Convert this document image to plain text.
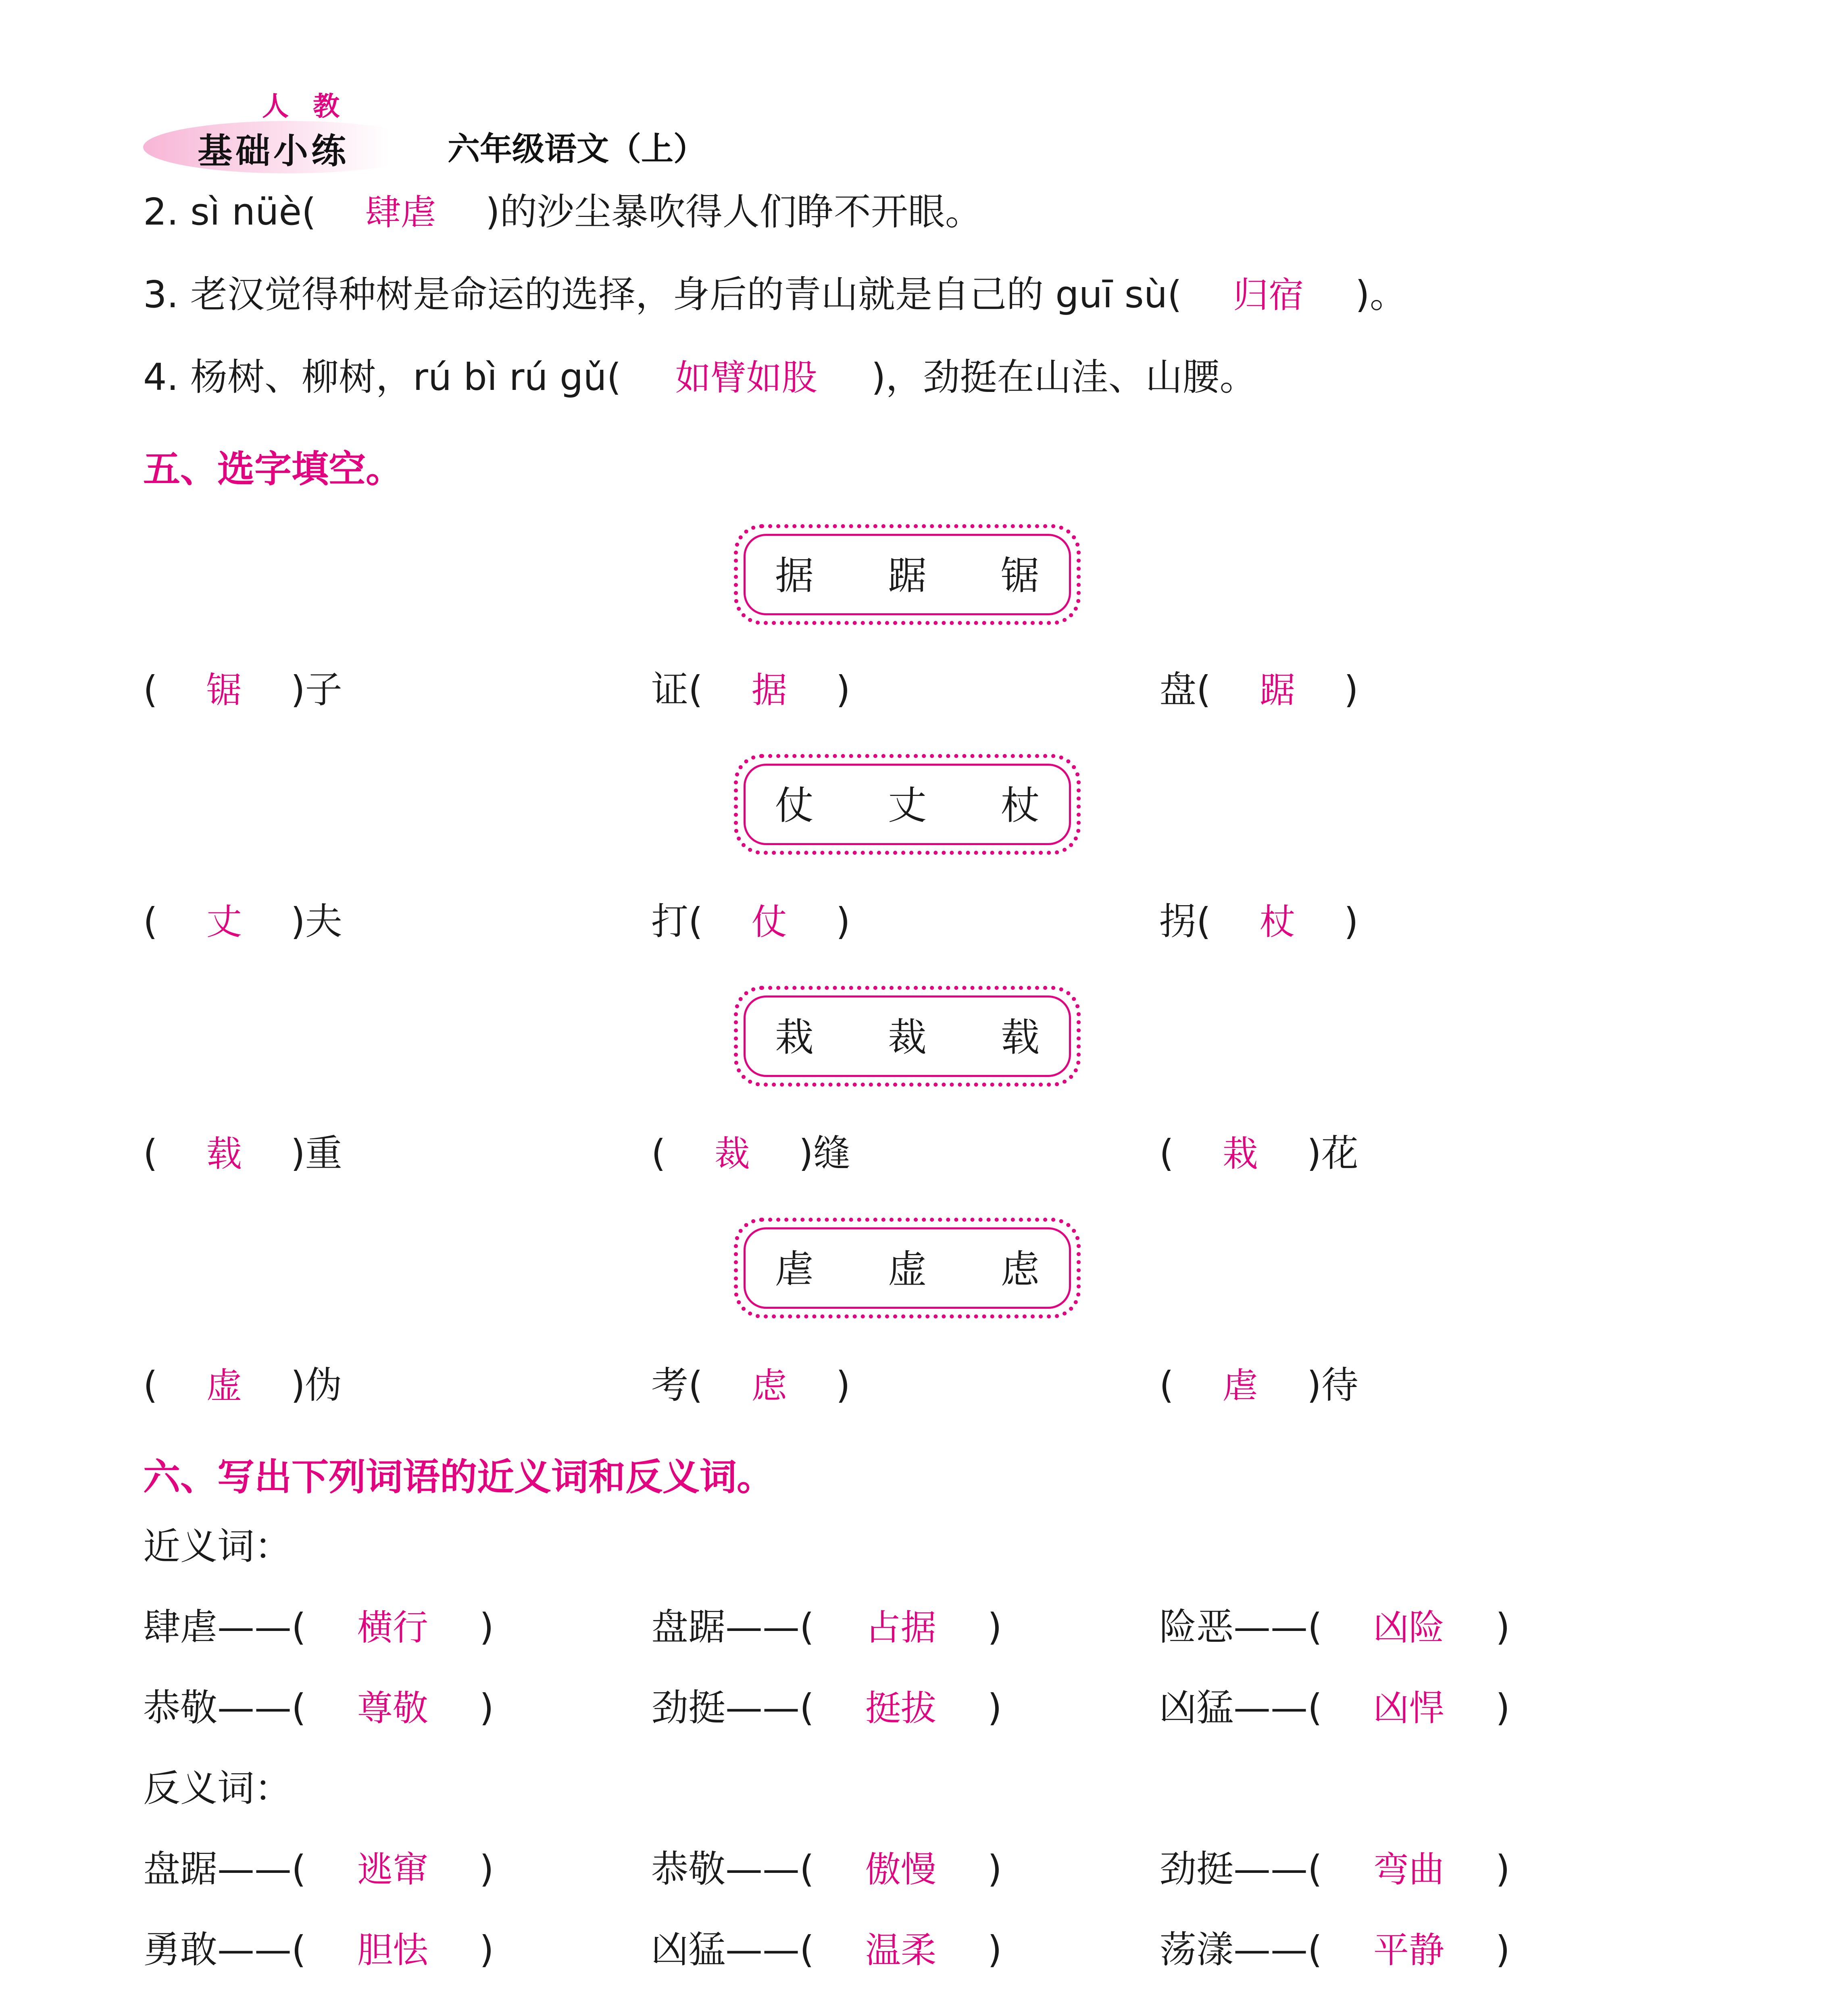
人教
基础小练	六年级语文（上）
2. sì nüè( 肆虐 )的沙尘暴吹得人们睁不开眼。
3. 老汉觉得种树是命运的选择，身后的青山就是自己的 guī sù( 归宿 )。
4. 杨树、柳树，rú bì rú gǔ( 如臂如股 )，劲挺在山洼、山腰。
五、选字填空。
据 踞 锯
( 锯 )子	证( 据 )	盘( 踞 )
仗 丈 杖
( 丈 )夫	打( 仗 )	拐( 杖 )
栽 裁 载
( 载 )重	( 裁 )缝	( 栽 )花
虐 虚 虑
( 虚 )伪	考( 虑 )	( 虐 )待
六、写出下列词语的近义词和反义词。
近义词：
肆虐——( 横行 )	盘踞——( 占据 )	险恶——( 凶险 )
恭敬——( 尊敬 )	劲挺——( 挺拔 )	凶猛——( 凶悍 )
反义词：
盘踞——( 逃窜 )	恭敬——( 傲慢 )	劲挺——( 弯曲 )
勇敢——( 胆怯 )	凶猛——( 温柔 )	荡漾——( 平静 )
